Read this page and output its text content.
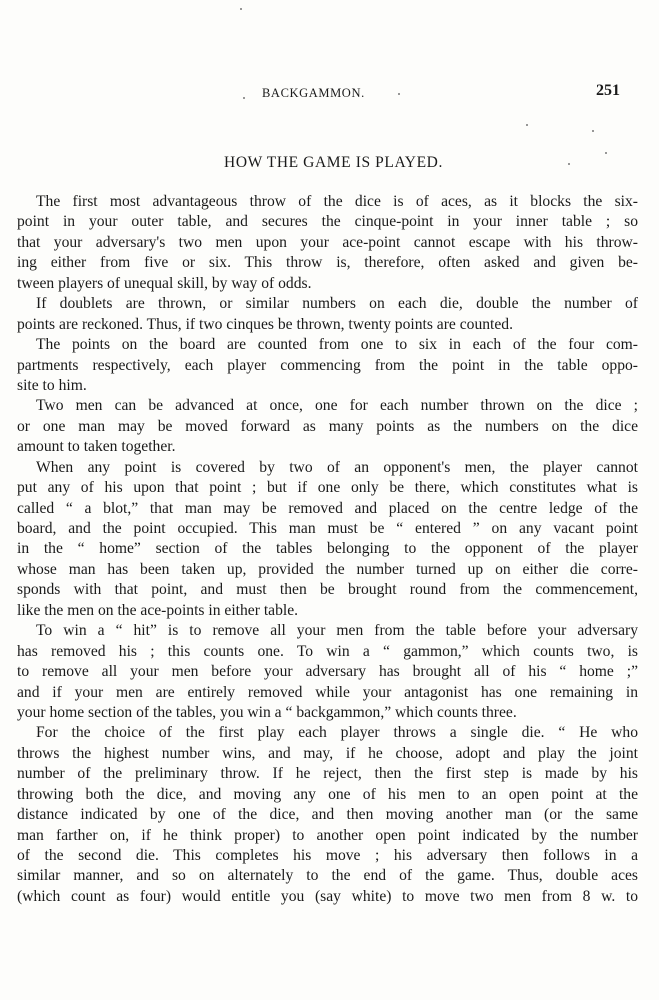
BACKGAMMON.	251
HOW THE GAME IS PLAYED.
The first most advantageous throw of the dice is of aces, as it blocks the six-
point in your outer table, and secures the cinque-point in your inner table ; so
that your adversary's two men upon your ace-point cannot escape with his throw-
ing either from five or six. This throw is, therefore, often asked and given be-
tween players of unequal skill, by way of odds.
If doublets are thrown, or similar numbers on each die, double the number of
points are reckoned. Thus, if two cinques be thrown, twenty points are counted.
The points on the board are counted from one to six in each of the four com-
partments respectively, each player commencing from the point in the table oppo-
site to him.
Two men can be advanced at once, one for each number thrown on the dice ;
or one man may be moved forward as many points as the numbers on the dice
amount to taken together.
When any point is covered by two of an opponent's men, the player cannot
put any of his upon that point ; but if one only be there, which constitutes what is
called “ a blot,” that man may be removed and placed on the centre ledge of the
board, and the point occupied. This man must be “ entered ” on any vacant point
in the “ home” section of the tables belonging to the opponent of the player
whose man has been taken up, provided the number turned up on either die corre-
sponds with that point, and must then be brought round from the commencement,
like the men on the ace-points in either table.
To win a “ hit” is to remove all your men from the table before your adversary
has removed his ; this counts one. To win a “ gammon,” which counts two, is
to remove all your men before your adversary has brought all of his “ home ;”
and if your men are entirely removed while your antagonist has one remaining in
your home section of the tables, you win a “ backgammon,” which counts three.
For the choice of the first play each player throws a single die. “ He who
throws the highest number wins, and may, if he choose, adopt and play the joint
number of the preliminary throw. If he reject, then the first step is made by his
throwing both the dice, and moving any one of his men to an open point at the
distance indicated by one of the dice, and then moving another man (or the same
man farther on, if he think proper) to another open point indicated by the number
of the second die. This completes his move ; his adversary then follows in a
similar manner, and so on alternately to the end of the game. Thus, double aces
(which count as four) would entitle you (say white) to move two men from 8 w. to
